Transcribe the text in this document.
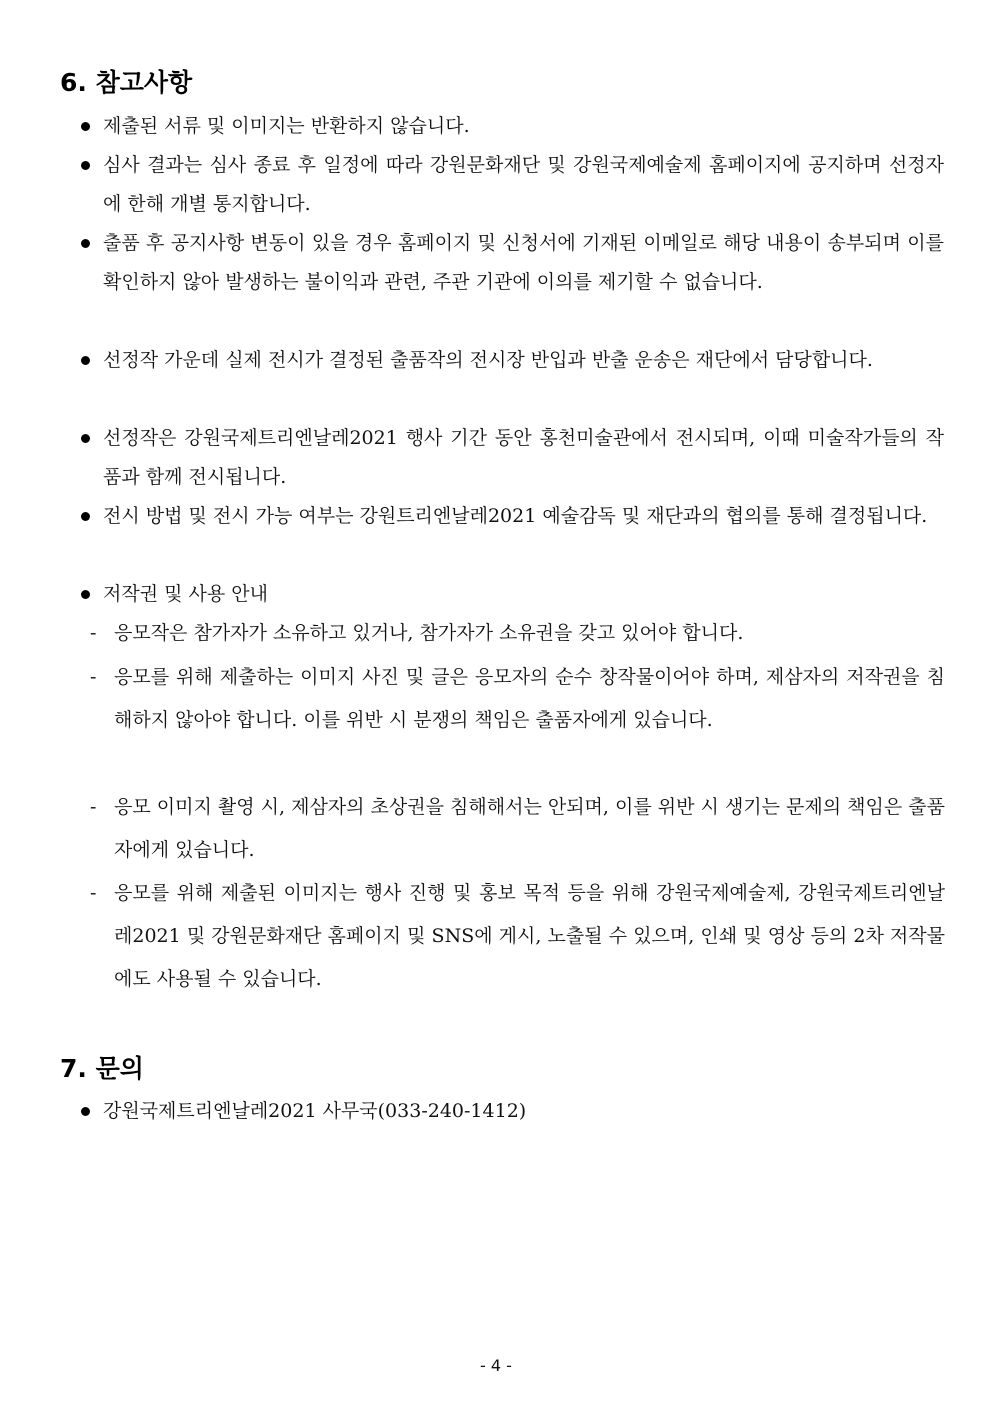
6. 참고사항
제출된 서류 및 이미지는 반환하지 않습니다.
심사 결과는 심사 종료 후 일정에 따라 강원문화재단 및 강원국제예술제 홈페이지에 공지하며 선정자에 한해 개별 통지합니다.
출품 후 공지사항 변동이 있을 경우 홈페이지 및 신청서에 기재된 이메일로 해당 내용이 송부되며 이를 확인하지 않아 발생하는 불이익과 관련, 주관 기관에 이의를 제기할 수 없습니다.
선정작 가운데 실제 전시가 결정된 출품작의 전시장 반입과 반출 운송은 재단에서 담당합니다.
선정작은 강원국제트리엔날레2021 행사 기간 동안 홍천미술관에서 전시되며, 이때 미술작가들의 작품과 함께 전시됩니다.
전시 방법 및 전시 가능 여부는 강원트리엔날레2021 예술감독 및 재단과의 협의를 통해 결정됩니다.
저작권 및 사용 안내
- 응모작은 참가자가 소유하고 있거나, 참가자가 소유권을 갖고 있어야 합니다.
- 응모를 위해 제출하는 이미지 사진 및 글은 응모자의 순수 창작물이어야 하며, 제삼자의 저작권을 침해하지 않아야 합니다. 이를 위반 시 분쟁의 책임은 출품자에게 있습니다.
- 응모 이미지 촬영 시, 제삼자의 초상권을 침해해서는 안되며, 이를 위반 시 생기는 문제의 책임은 출품자에게 있습니다.
- 응모를 위해 제출된 이미지는 행사 진행 및 홍보 목적 등을 위해 강원국제예술제, 강원국제트리엔날레2021 및 강원문화재단 홈페이지 및 SNS에 게시, 노출될 수 있으며, 인쇄 및 영상 등의 2차 저작물에도 사용될 수 있습니다.
7. 문의
강원국제트리엔날레2021 사무국(033-240-1412)
- 4 -
